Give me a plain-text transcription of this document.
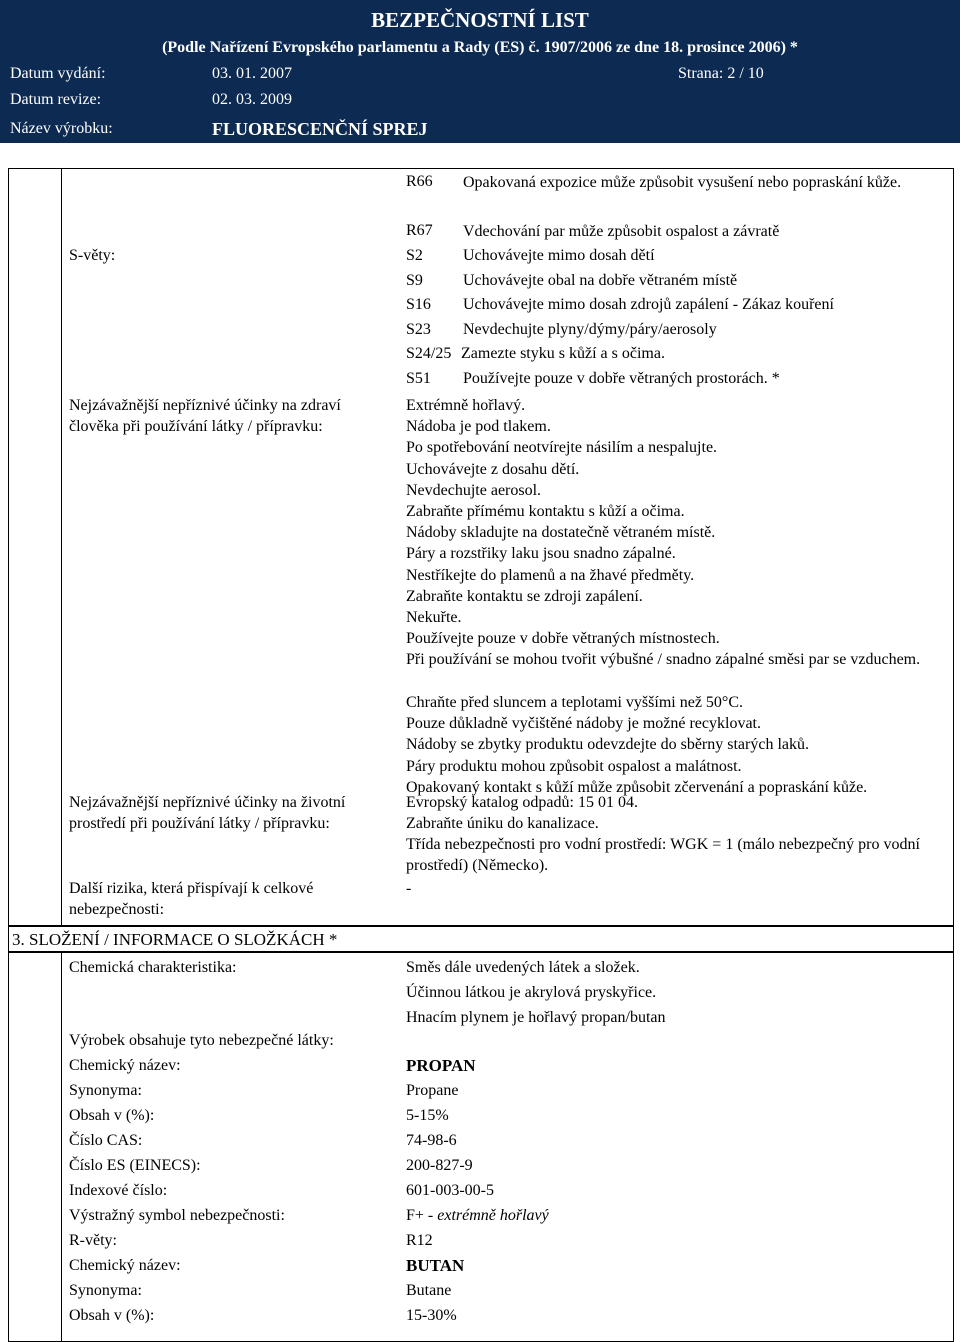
BEZPEČNOSTNÍ LIST
(Podle Nařízení Evropského parlamentu a Rady (ES) č. 1907/2006 ze dne 18. prosince 2006) *
Datum vydání:	03. 01. 2007	Strana: 2 / 10
Datum revize:	02. 03. 2009
Název výrobku:	FLUORESCENČNÍ SPREJ
R66 Opakovaná expozice může způsobit vysušení nebo popraskání kůže.
R67 Vdechování par může způsobit ospalost a závratě
S-věty:	S2	Uchovávejte mimo dosah dětí
S9	Uchovávejte obal na dobře větraném místě
S16 Uchovávejte mimo dosah zdrojů zapálení - Zákaz kouření
S23 Nevdechujte plyny/dýmy/páry/aerosoly
S24/25 Zamezte styku s kůží a s očima.
S51 Používejte pouze v dobře větraných prostorách. *
Nejzávažnější nepříznivé účinky na zdraví člověka při používání látky / přípravku:
Extrémně hořlavý.
Nádoba je pod tlakem.
Po spotřebování neotvírejte násilím a nespalujte.
Uchovávejte z dosahu dětí.
Nevdechujte aerosol.
Zabraňte přímému kontaktu s kůží a očima.
Nádoby skladujte na dostatečně větraném místě.
Páry a rozstřiky laku jsou snadno zápalné.
Nestříkejte do plamenů a na žhavé předměty.
Zabraňte kontaktu se zdroji zapálení.
Nekuřte.
Používejte pouze v dobře větraných místnostech.
Při používání se mohou tvořit výbušné / snadno zápalné směsi par se vzduchem.
Chraňte před sluncem a teplotami vyššími než 50°C.
Pouze důkladně vyčištěné nádoby je možné recyklovat.
Nádoby se zbytky produktu odevzdejte do sběrny starých laků.
Páry produktu mohou způsobit ospalost a malátnost.
Opakovaný kontakt s kůží může způsobit zčervenání a popraskání kůže.
Nejzávažnější nepříznivé účinky na životní prostředí při používání látky / přípravku:
Evropský katalog odpadů: 15 01 04.
Zabraňte úniku do kanalizace.
Třída nebezpečnosti pro vodní prostředí: WGK = 1 (málo nebezpečný pro vodní prostředí) (Německo).
Další rizika, která přispívají k celkové nebezpečnosti:
-
3. SLOŽENÍ / INFORMACE O SLOŽKÁCH *
Chemická charakteristika:	Směs dále uvedených látek a složek.
Účinnou látkou je akrylová pryskyřice.
Hnacím plynem je hořlavý propan/butan
Výrobek obsahuje tyto nebezpečné látky:
Chemický název:	PROPAN
Synonyma:	Propane
Obsah v (%):	5-15%
Číslo CAS:	74-98-6
Číslo ES (EINECS):	200-827-9
Indexové číslo:	601-003-00-5
Výstražný symbol nebezpečnosti:	F+ - extrémně hořlavý
R-věty:	R12
Chemický název:	BUTAN
Synonyma:	Butane
Obsah v (%):	15-30%
